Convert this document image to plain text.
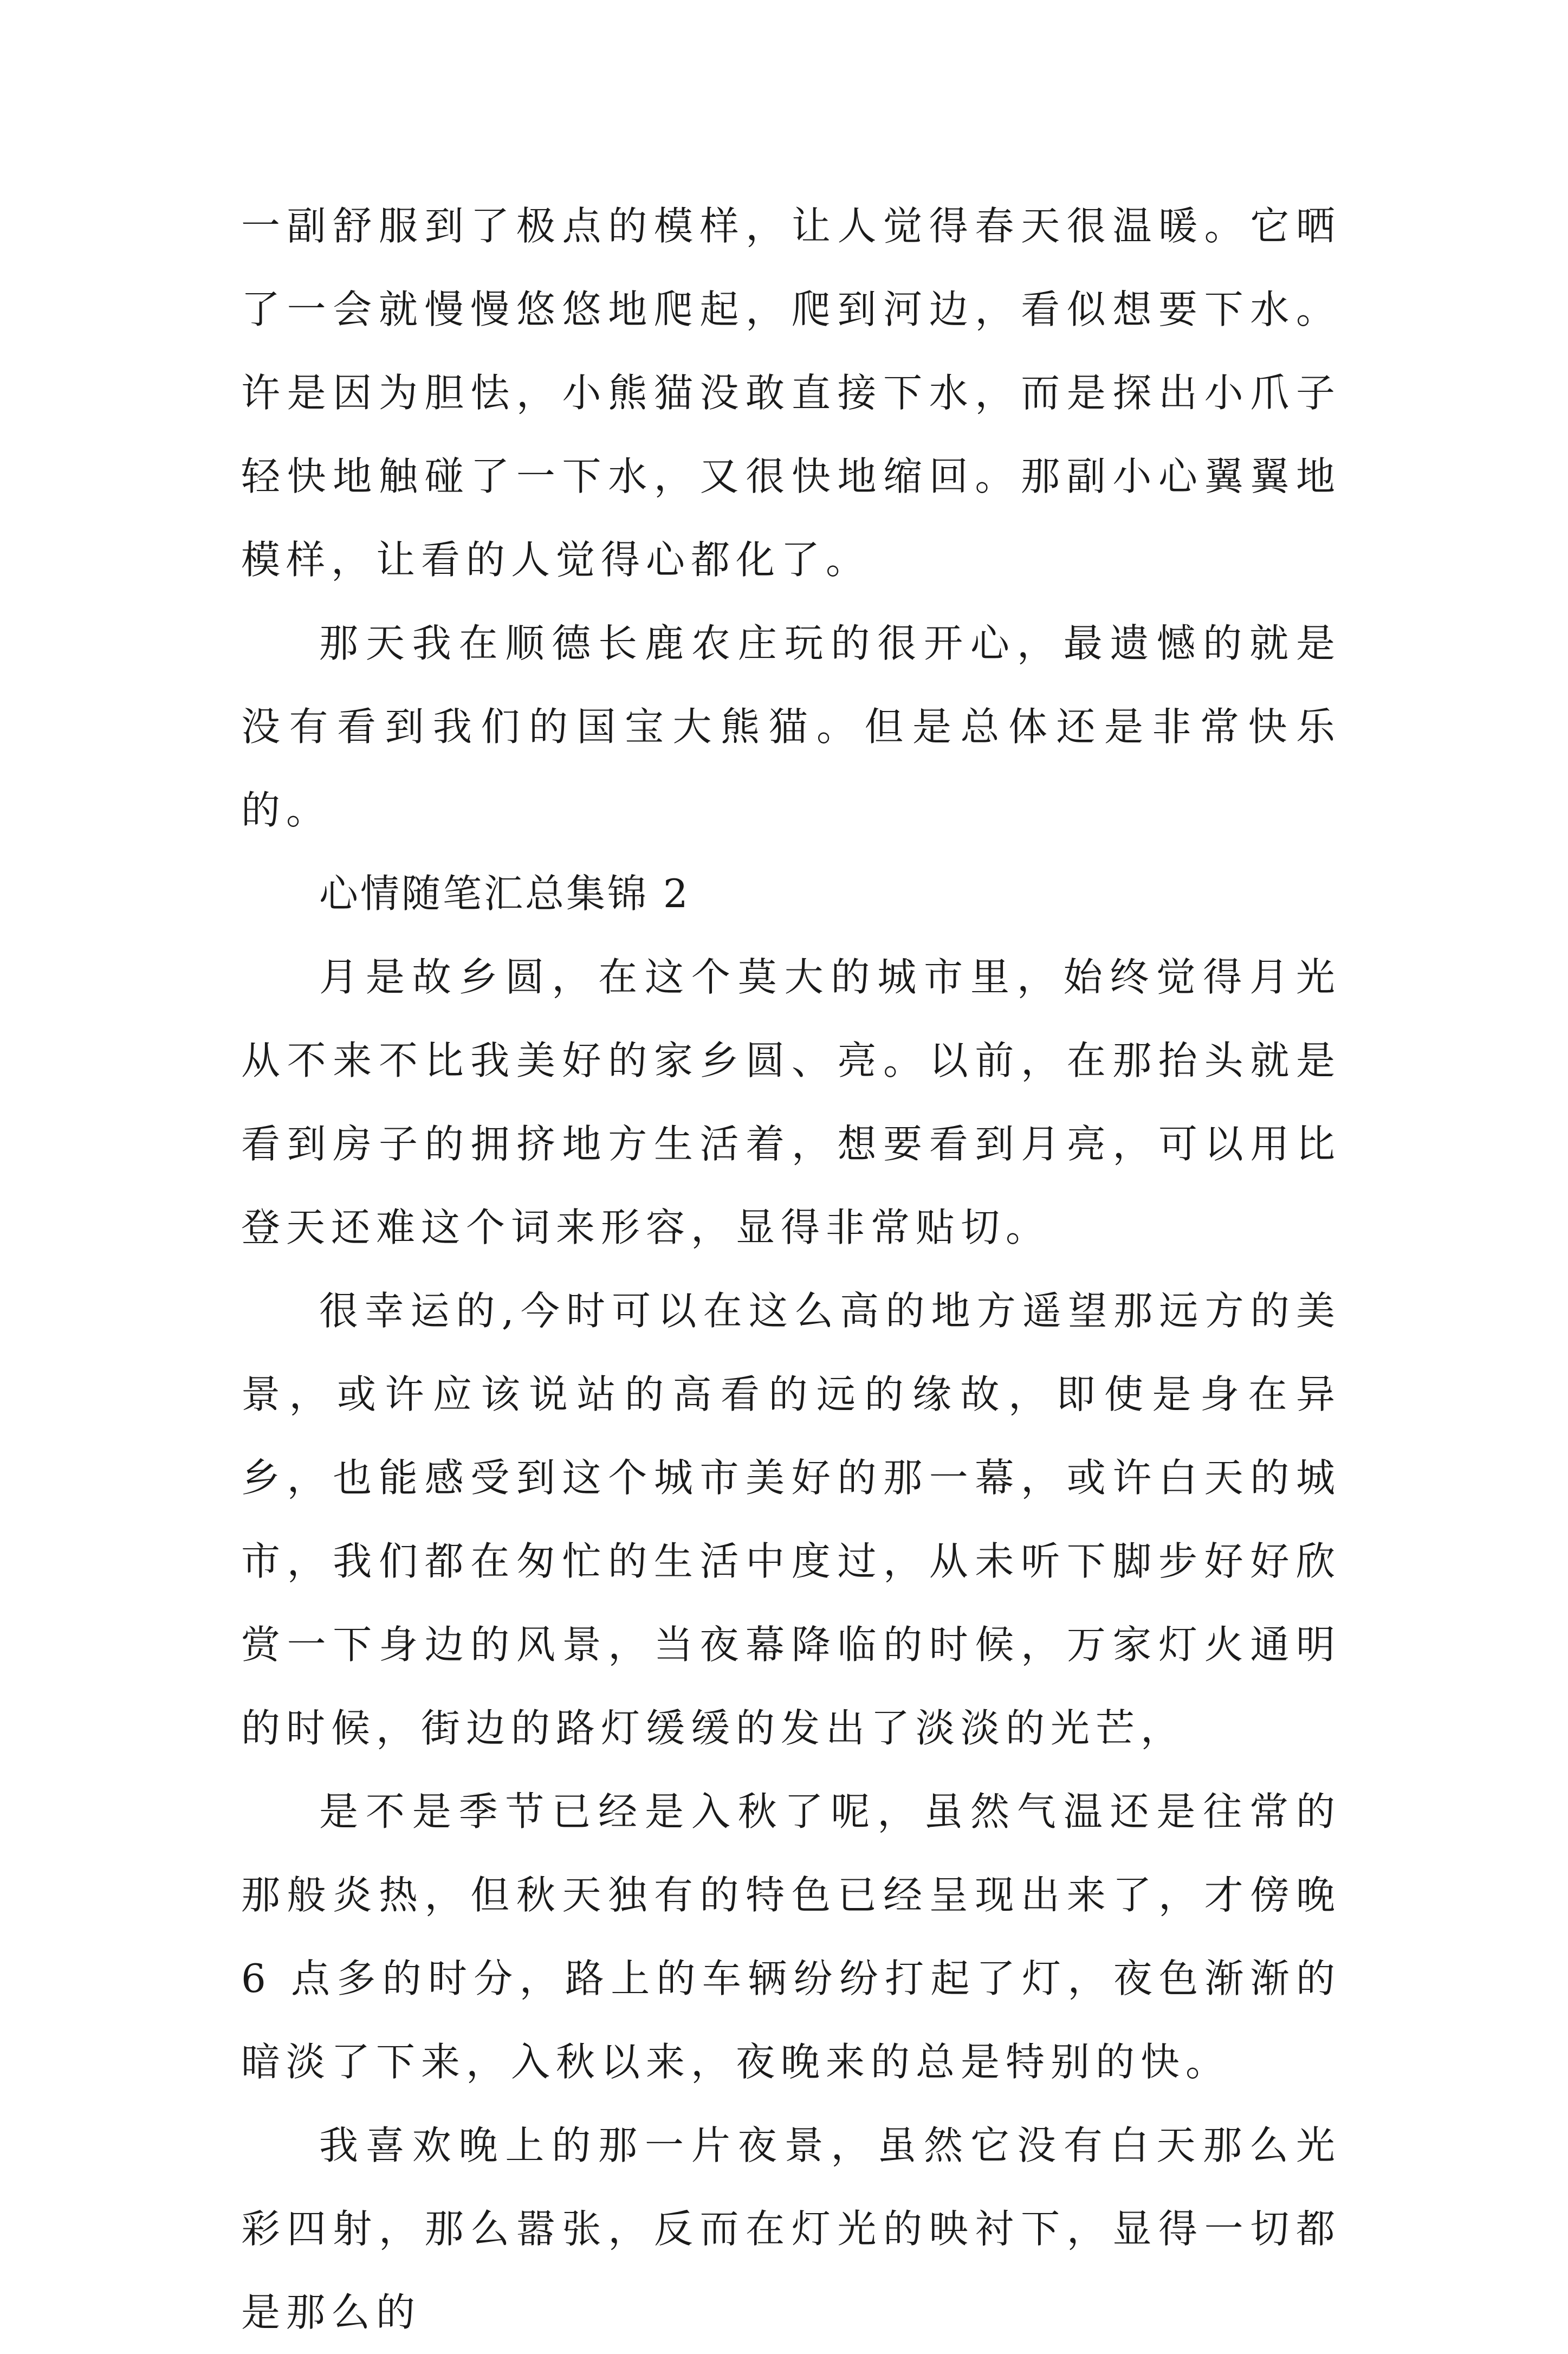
一副舒服到了极点的模样，让人觉得春天很温暖。它晒了一会就慢慢悠悠地爬起，爬到河边，看似想要下水。许是因为胆怯，小熊猫没敢直接下水，而是探出小爪子轻快地触碰了一下水，又很快地缩回。那副小心翼翼地模样，让看的人觉得心都化了。

那天我在顺德长鹿农庄玩的很开心，最遗憾的就是没有看到我们的国宝大熊猫。但是总体还是非常快乐的。

心情随笔汇总集锦 2

月是故乡圆，在这个莫大的城市里，始终觉得月光从不来不比我美好的家乡圆、亮。以前，在那抬头就是看到房子的拥挤地方生活着，想要看到月亮，可以用比登天还难这个词来形容，显得非常贴切。

很幸运的,今时可以在这么高的地方遥望那远方的美景，或许应该说站的高看的远的缘故，即使是身在异乡，也能感受到这个城市美好的那一幕，或许白天的城市，我们都在匆忙的生活中度过，从未听下脚步好好欣赏一下身边的风景，当夜幕降临的时候，万家灯火通明的时候，街边的路灯缓缓的发出了淡淡的光芒，

是不是季节已经是入秋了呢，虽然气温还是往常的那般炎热，但秋天独有的特色已经呈现出来了，才傍晚 6 点多的时分，路上的车辆纷纷打起了灯，夜色渐渐的暗淡了下来，入秋以来，夜晚来的总是特别的快。

我喜欢晚上的那一片夜景，虽然它没有白天那么光彩四射，那么嚣张，反而在灯光的映衬下，显得一切都是那么的
